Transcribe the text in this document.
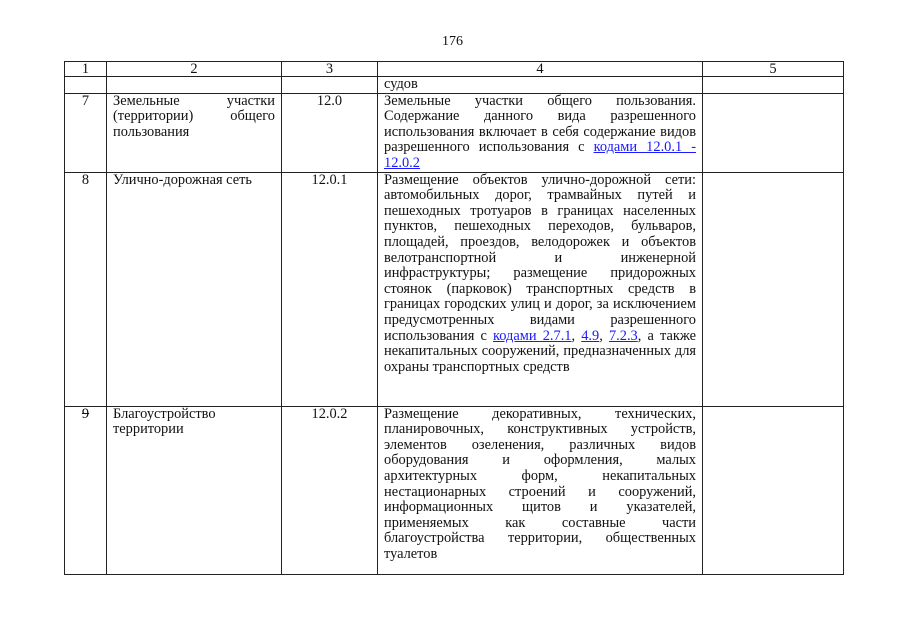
176
1	2	3	4	5
			судов	
7	Земельные участки (территории) общего пользования	12.0	Земельные участки общего пользования. Содержание данного вида разрешенного использования включает в себя содержание видов разрешенного использования с кодами 12.0.1 - 12.0.2	
8	Улично-дорожная сеть	12.0.1	Размещение объектов улично-дорожной сети: автомобильных дорог, трамвайных путей и пешеходных тротуаров в границах населенных пунктов, пешеходных переходов, бульваров, площадей, проездов, велодорожек и объектов велотранспортной и инженерной инфраструктуры; размещение придорожных стоянок (парковок) транспортных средств в границах городских улиц и дорог, за исключением предусмотренных видами разрешенного использования с кодами 2.7.1, 4.9, 7.2.3, а также некапитальных сооружений, предназначенных для охраны транспортных средств	
9	Благоустройство территории	12.0.2	Размещение декоративных, технических, планировочных, конструктивных устройств, элементов озеленения, различных видов оборудования и оформления, малых архитектурных форм, некапитальных нестационарных строений и сооружений, информационных щитов и указателей, применяемых как составные части благоустройства территории, общественных туалетов	
